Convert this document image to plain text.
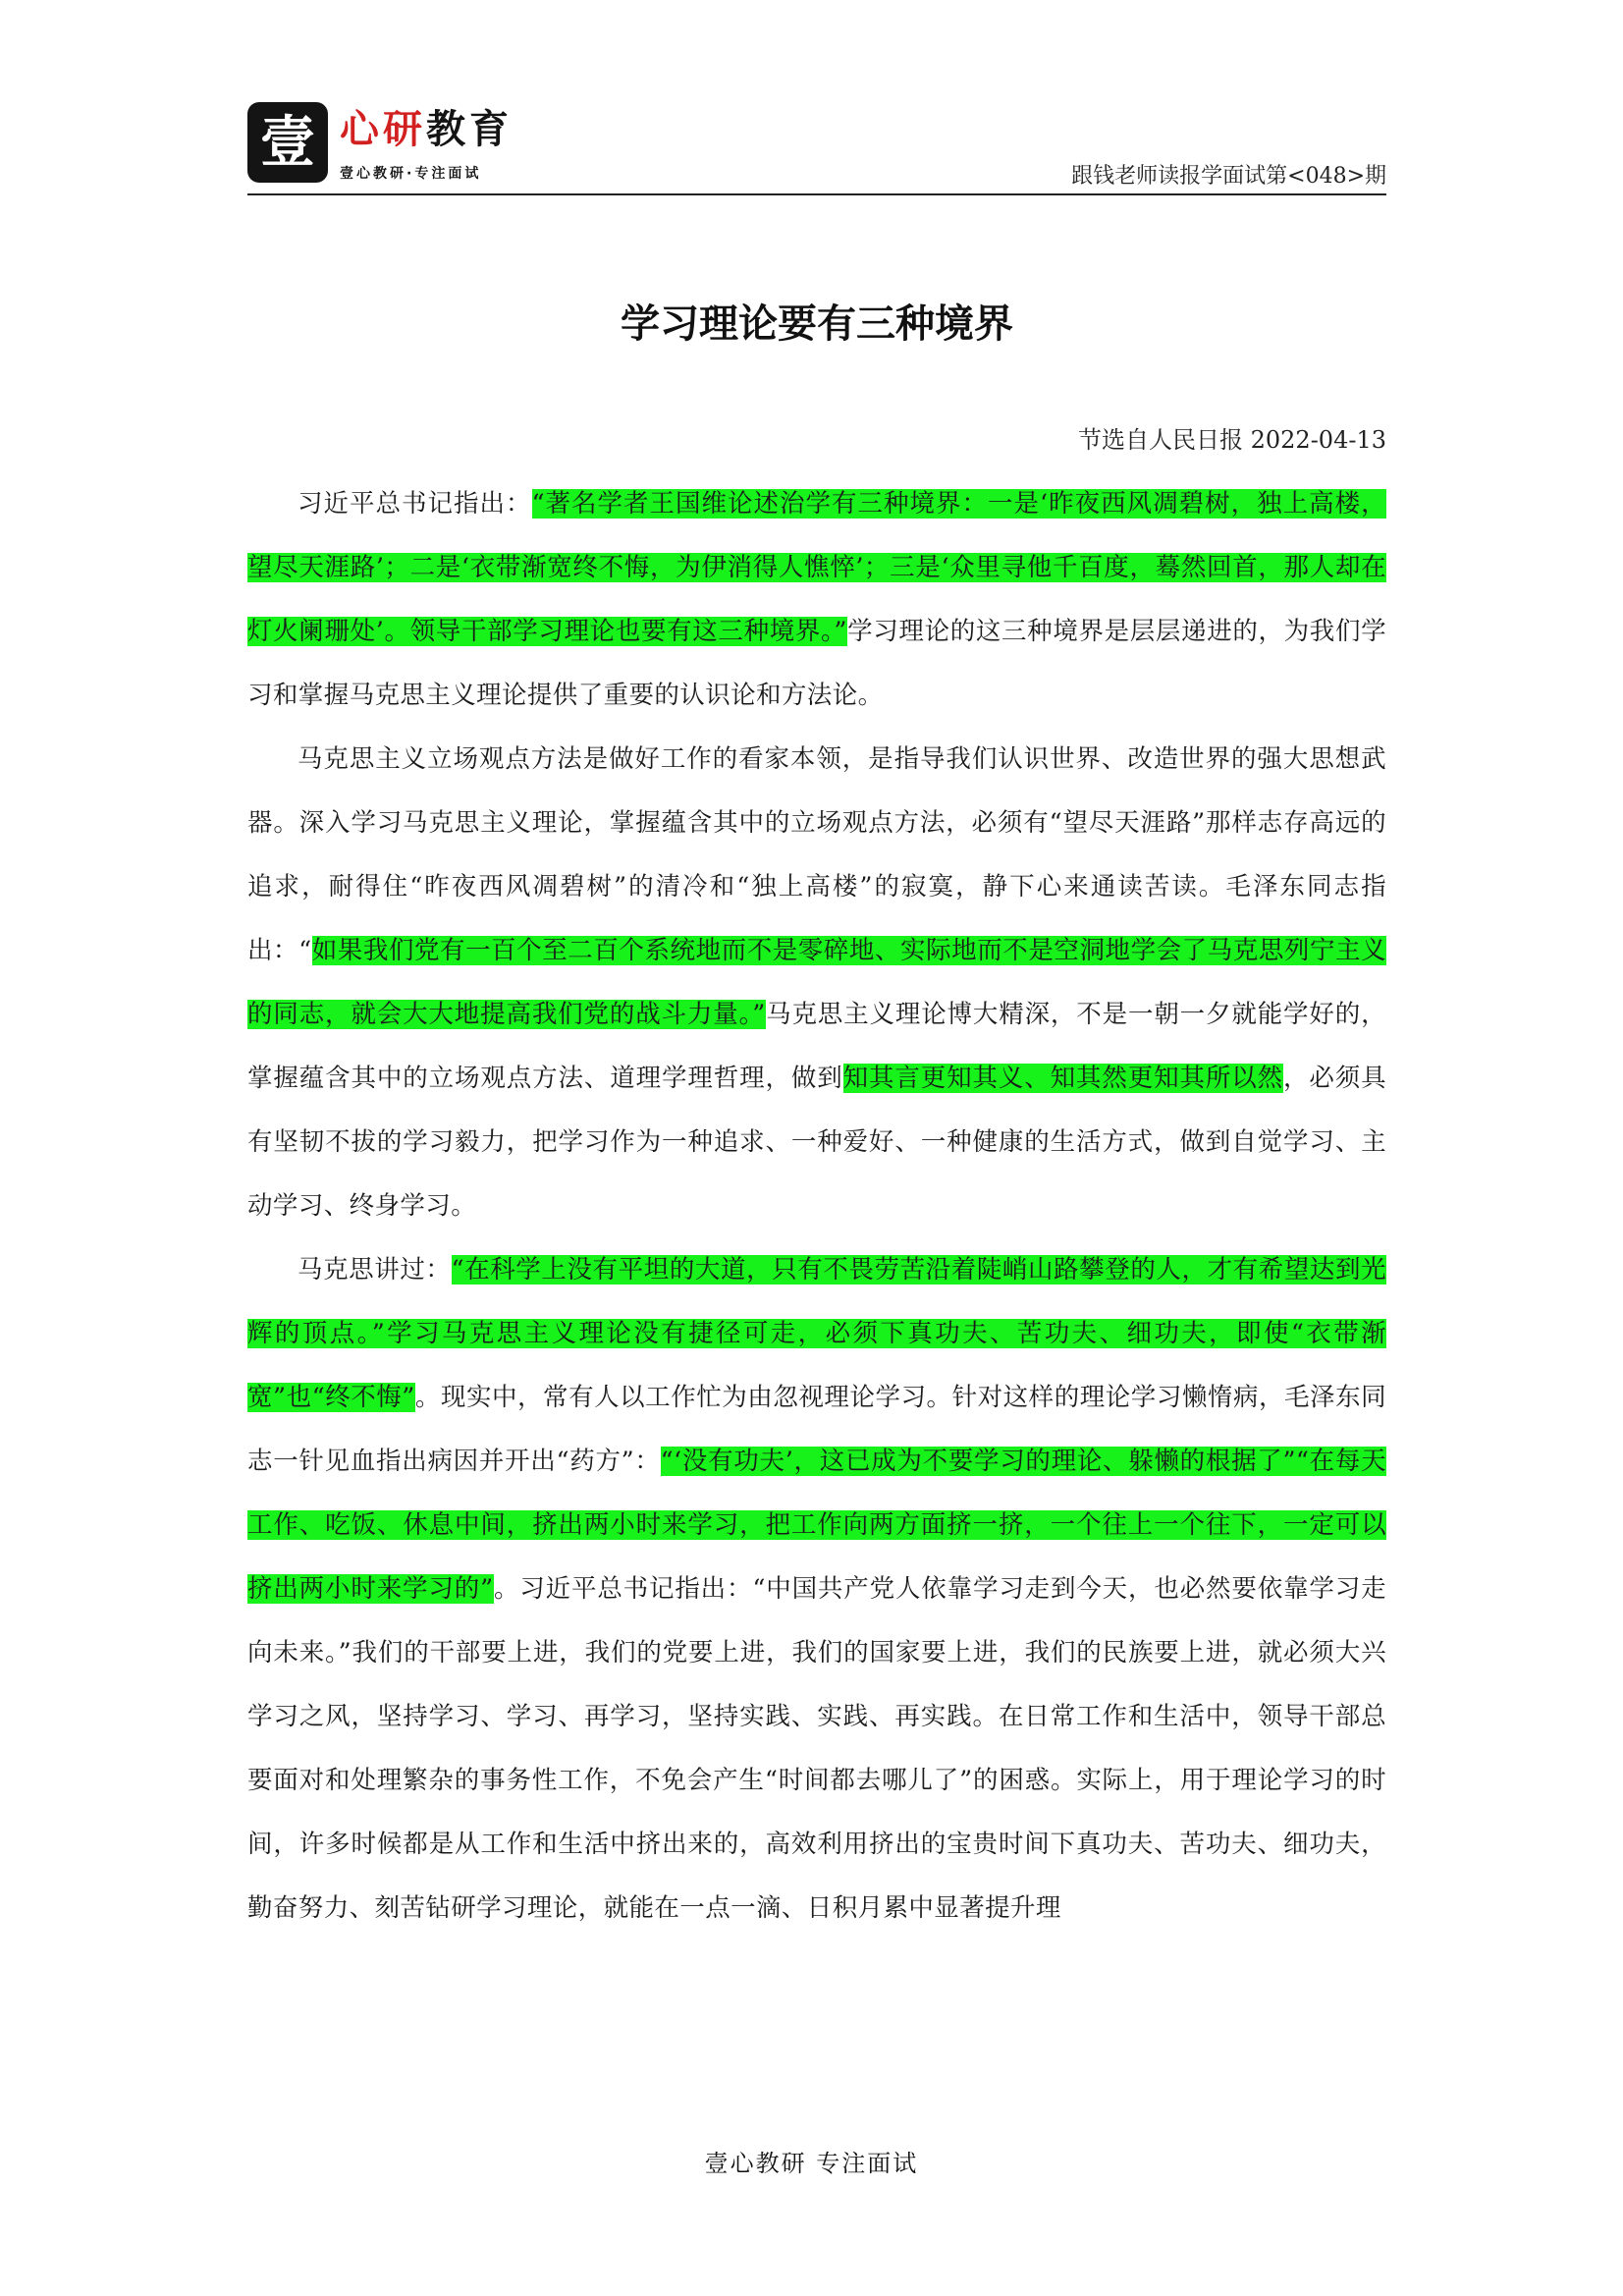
壹 心研教育
壹心教研·专注面试	跟钱老师读报学面试第<048>期
学习理论要有三种境界
节选自人民日报 2022-04-13

习近平总书记指出：“著名学者王国维论述治学有三种境界：一是‘昨夜西风凋碧树，独上高楼，望尽天涯路’；二是‘衣带渐宽终不悔，为伊消得人憔悴’；三是‘众里寻他千百度，蓦然回首，那人却在灯火阑珊处’。领导干部学习理论也要有这三种境界。”学习理论的这三种境界是层层递进的，为我们学习和掌握马克思主义理论提供了重要的认识论和方法论。

马克思主义立场观点方法是做好工作的看家本领，是指导我们认识世界、改造世界的强大思想武器。深入学习马克思主义理论，掌握蕴含其中的立场观点方法，必须有“望尽天涯路”那样志存高远的追求，耐得住“昨夜西风凋碧树”的清冷和“独上高楼”的寂寞，静下心来通读苦读。毛泽东同志指出：“如果我们党有一百个至二百个系统地而不是零碎地、实际地而不是空洞地学会了马克思列宁主义的同志，就会大大地提高我们党的战斗力量。”马克思主义理论博大精深，不是一朝一夕就能学好的，掌握蕴含其中的立场观点方法、道理学理哲理，做到知其言更知其义、知其然更知其所以然，必须具有坚韧不拔的学习毅力，把学习作为一种追求、一种爱好、一种健康的生活方式，做到自觉学习、主动学习、终身学习。

马克思讲过：“在科学上没有平坦的大道，只有不畏劳苦沿着陡峭山路攀登的人，才有希望达到光辉的顶点。”学习马克思主义理论没有捷径可走，必须下真功夫、苦功夫、细功夫，即使“衣带渐宽”也“终不悔”。现实中，常有人以工作忙为由忽视理论学习。针对这样的理论学习懒惰病，毛泽东同志一针见血指出病因并开出“药方”：“‘没有功夫’，这已成为不要学习的理论、躲懒的根据了”“在每天工作、吃饭、休息中间，挤出两小时来学习，把工作向两方面挤一挤，一个往上一个往下，一定可以挤出两小时来学习的”。习近平总书记指出：“中国共产党人依靠学习走到今天，也必然要依靠学习走向未来。”我们的干部要上进，我们的党要上进，我们的国家要上进，我们的民族要上进，就必须大兴学习之风，坚持学习、学习、再学习，坚持实践、实践、再实践。在日常工作和生活中，领导干部总要面对和处理繁杂的事务性工作，不免会产生“时间都去哪儿了”的困惑。实际上，用于理论学习的时间，许多时候都是从工作和生活中挤出来的，高效利用挤出的宝贵时间下真功夫、苦功夫、细功夫，勤奋努力、刻苦钻研学习理论，就能在一点一滴、日积月累中显著提升理

壹心教研 专注面试
